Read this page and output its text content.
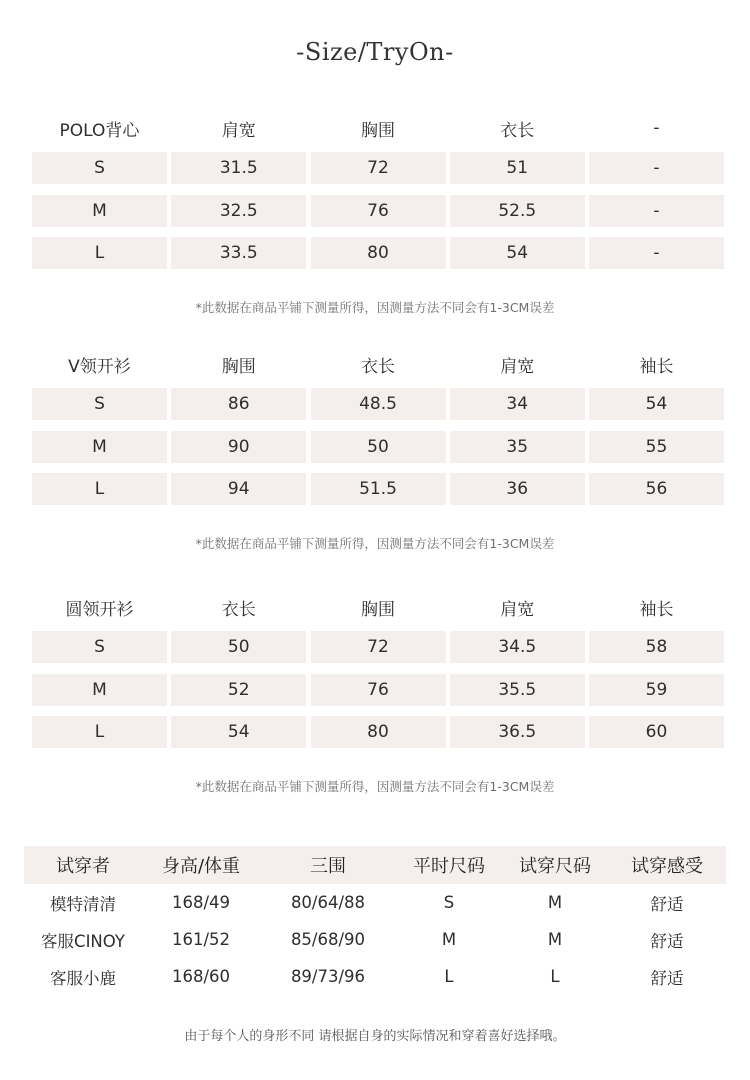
-Size/TryOn-
POLO背心	肩宽	胸围	衣长	-
S	31.5	72	51	-
M	32.5	76	52.5	-
L	33.5	80	54	-
*此数据在商品平铺下测量所得，因测量方法不同会有1-3CM误差
V领开衫	胸围	衣长	肩宽	袖长
S	86	48.5	34	54
M	90	50	35	55
L	94	51.5	36	56
*此数据在商品平铺下测量所得，因测量方法不同会有1-3CM误差
圆领开衫	衣长	胸围	肩宽	袖长
S	50	72	34.5	58
M	52	76	35.5	59
L	54	80	36.5	60
*此数据在商品平铺下测量所得，因测量方法不同会有1-3CM误差
试穿者	身高/体重	三围	平时尺码	试穿尺码	试穿感受
模特清清	168/49	80/64/88	S	M	舒适
客服CINOY	161/52	85/68/90	M	M	舒适
客服小鹿	168/60	89/73/96	L	L	舒适
由于每个人的身形不同 请根据自身的实际情况和穿着喜好选择哦。
